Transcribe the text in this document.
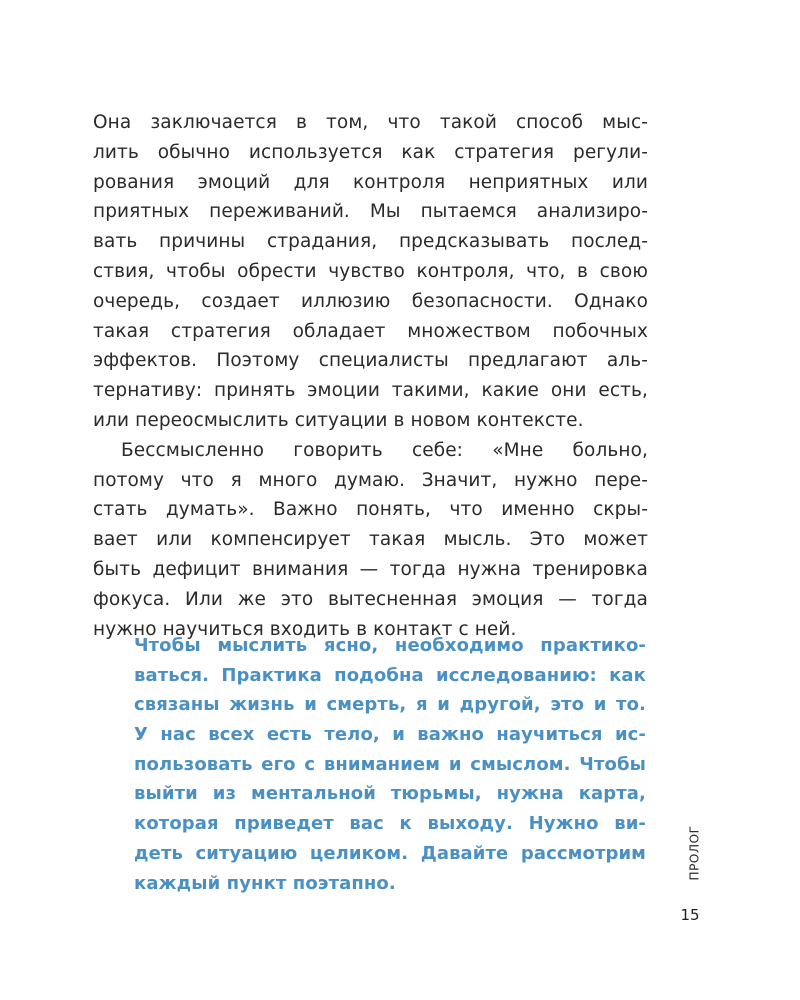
Она заключается в том, что такой способ мыс-
лить обычно используется как стратегия регули-
рования эмоций для контроля неприятных или
приятных переживаний. Мы пытаемся анализиро-
вать причины страдания, предсказывать послед-
ствия, чтобы обрести чувство контроля, что, в свою
очередь, создает иллюзию безопасности. Однако
такая стратегия обладает множеством побочных
эффектов. Поэтому специалисты предлагают аль-
тернативу: принять эмоции такими, какие они есть,
или переосмыслить ситуации в новом контексте.
Бессмысленно говорить себе: «Мне больно,
потому что я много думаю. Значит, нужно пере-
стать думать». Важно понять, что именно скры-
вает или компенсирует такая мысль. Это может
быть дефицит внимания — тогда нужна тренировка
фокуса. Или же это вытесненная эмоция — тогда
нужно научиться входить в контакт с ней.
Чтобы мыслить ясно, необходимо практико-
ваться. Практика подобна исследованию: как
связаны жизнь и смерть, я и другой, это и то.
У нас всех есть тело, и важно научиться ис-
пользовать его с вниманием и смыслом. Чтобы
выйти из ментальной тюрьмы, нужна карта,
которая приведет вас к выходу. Нужно ви-
деть ситуацию целиком. Давайте рассмотрим
каждый пункт поэтапно.
ПРОЛОГ
15
